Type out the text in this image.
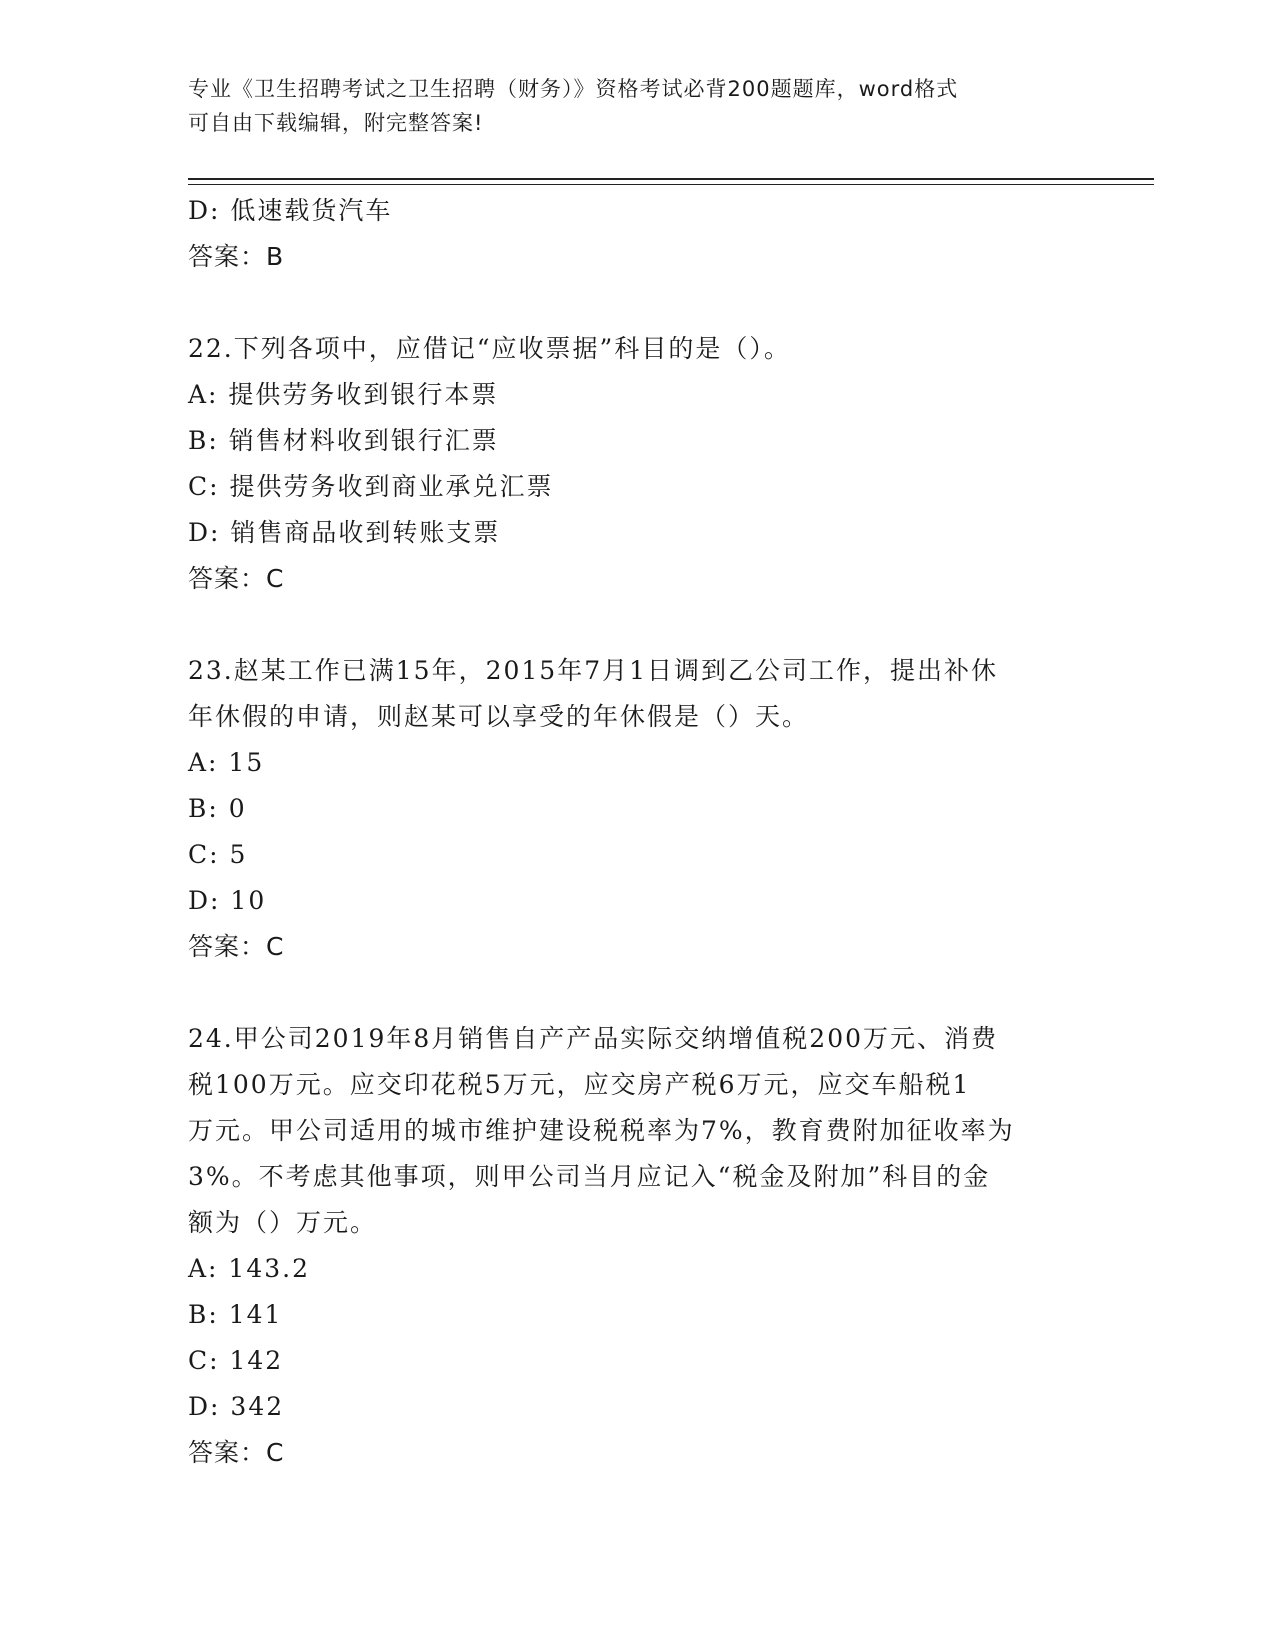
专业《卫生招聘考试之卫生招聘（财务）》资格考试必背200题题库，word格式
可自由下载编辑，附完整答案!
D: 低速载货汽车
答案：B
22.下列各项中，应借记“应收票据”科目的是（）。
A: 提供劳务收到银行本票
B: 销售材料收到银行汇票
C: 提供劳务收到商业承兑汇票
D: 销售商品收到转账支票
答案：C
23.赵某工作已满15年，2015年7月1日调到乙公司工作，提出补休
年休假的申请，则赵某可以享受的年休假是（）天。
A: 15
B: 0
C: 5
D: 10
答案：C
24.甲公司2019年8月销售自产产品实际交纳增值税200万元、消费
税100万元。应交印花税5万元，应交房产税6万元，应交车船税1
万元。甲公司适用的城市维护建设税税率为7%，教育费附加征收率为
3%。不考虑其他事项，则甲公司当月应记入“税金及附加”科目的金
额为（）万元。
A: 143.2
B: 141
C: 142
D: 342
答案：C
